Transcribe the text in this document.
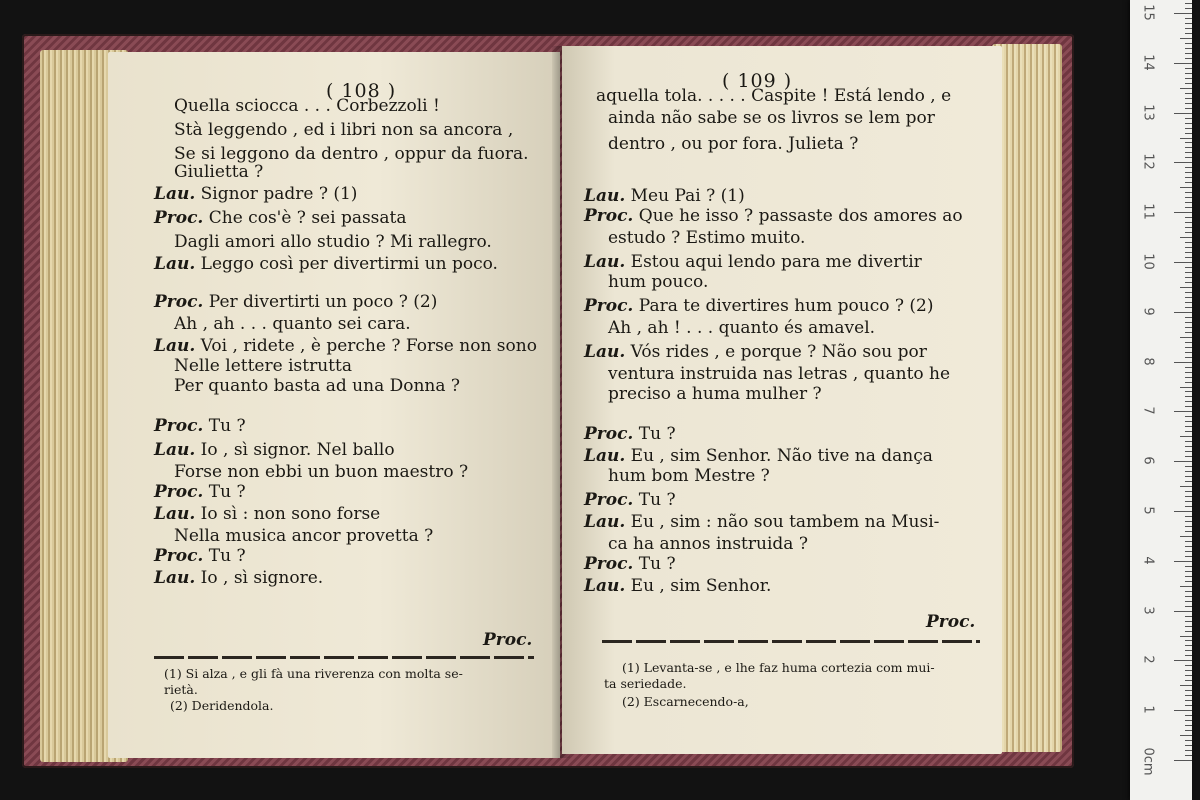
( 108 )
Quella sciocca . . . Corbezzoli !
Stà leggendo , ed i libri non sa ancora ,
Se si leggono da dentro , oppur da fuora.
Giulietta ?
Lau. Signor padre ? (1)
Proc. Che cos'è ? sei passata
Dagli amori allo studio ? Mi rallegro.
Lau. Leggo così per divertirmi un poco.
Proc. Per divertirti un poco ? (2)
Ah , ah . . . quanto sei cara.
Lau. Voi , ridete , è perche ? Forse non sono
Nelle lettere istrutta
Per quanto basta ad una Donna ?
Proc. Tu ?
Lau. Io , sì signor. Nel ballo
Forse non ebbi un buon maestro ?
Proc. Tu ?
Lau. Io sì : non sono forse
Nella musica ancor provetta ?
Proc. Tu ?
Lau. Io , sì signore.
Proc.
(1) Si alza , e gli fà una riverenza con molta se-
rietà.
(2) Deridendola.
( 109 )
aquella tola. . . . . Caspite ! Está lendo , e
ainda não sabe se os livros se lem por
dentro , ou por fora. Julieta ?
Lau. Meu Pai ? (1)
Proc. Que he isso ? passaste dos amores ao
estudo ? Estimo muito.
Lau. Estou aqui lendo para me divertir
hum pouco.
Proc. Para te divertires hum pouco ? (2)
Ah , ah ! . . . quanto és amavel.
Lau. Vós rides , e porque ? Não sou por
ventura instruida nas letras , quanto he
preciso a huma mulher ?
Proc. Tu ?
Lau. Eu , sim Senhor. Não tive na dança
hum bom Mestre ?
Proc. Tu ?
Lau. Eu , sim : não sou tambem na Musi-
ca ha annos instruida ?
Proc. Tu ?
Lau. Eu , sim Senhor.
Proc.
(1) Levanta-se , e lhe faz huma cortezia com mui-
ta seriedade.
(2) Escarnecendo-a,
0cm
1
2
3
4
5
6
7
8
9
10
11
12
13
14
15
